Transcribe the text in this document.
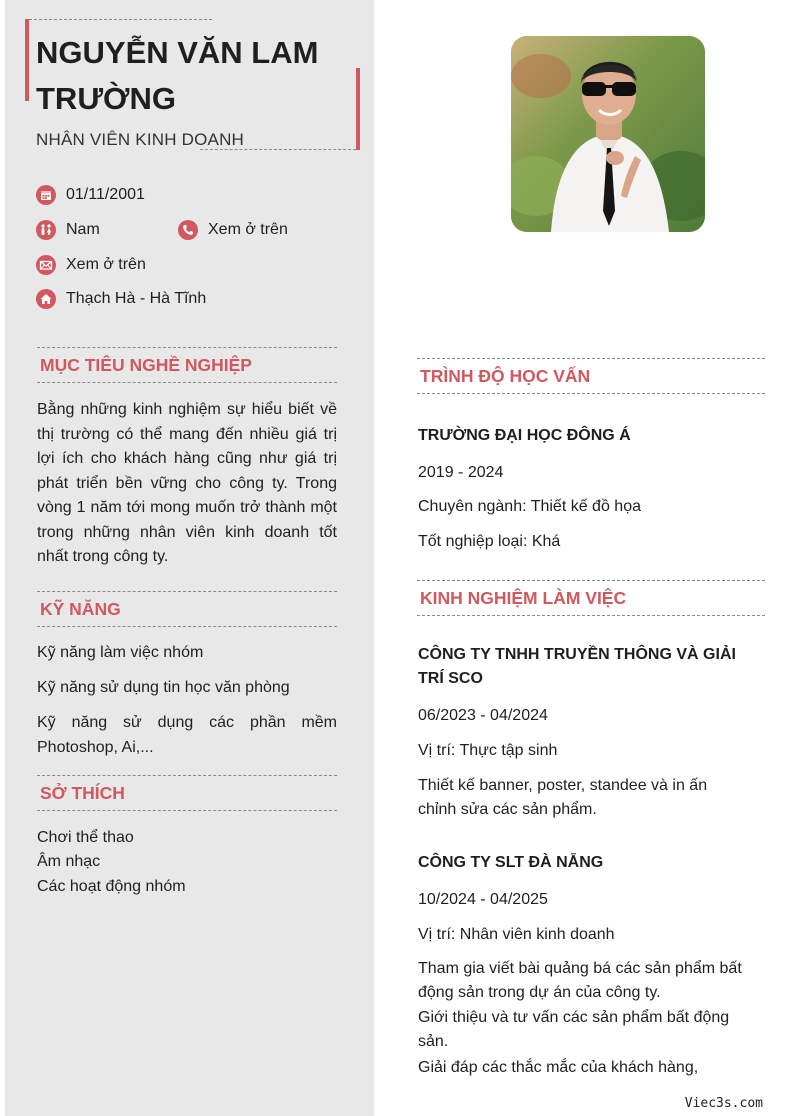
NGUYỄN VĂN LAM
TRƯỜNG
NHÂN VIÊN KINH DOANH
01/11/2001
Nam	Xem ở trên
Xem ở trên
Thạch Hà - Hà Tĩnh
MỤC TIÊU NGHỀ NGHIỆP
Bằng những kinh nghiệm sự hiểu biết về thị trường có thể mang đến nhiều giá trị lợi ích cho khách hàng cũng như giá trị phát triển bền vững cho công ty. Trong vòng 1 năm tới mong muốn trở thành một trong những nhân viên kinh doanh tốt nhất trong công ty.
KỸ NĂNG
Kỹ năng làm việc nhóm
Kỹ năng sử dụng tin học văn phòng
Kỹ năng sử dụng các phần mềm Photoshop, Ai,...
SỞ THÍCH
Chơi thể thao
Âm nhạc
Các hoạt động nhóm
TRÌNH ĐỘ HỌC VẤN
TRƯỜNG ĐẠI HỌC ĐÔNG Á
2019 - 2024
Chuyên ngành: Thiết kế đồ họa
Tốt nghiệp loại: Khá
KINH NGHIỆM LÀM VIỆC
CÔNG TY TNHH TRUYỀN THÔNG VÀ GIẢI TRÍ SCO
06/2023 - 04/2024
Vị trí: Thực tập sinh
Thiết kế banner, poster, standee và in ấn chỉnh sửa các sản phẩm.
CÔNG TY SLT ĐÀ NẴNG
10/2024 - 04/2025
Vị trí: Nhân viên kinh doanh
Tham gia viết bài quảng bá các sản phẩm bất động sản trong dự án của công ty.
Giới thiệu và tư vấn các sản phẩm bất động sản.
Giải đáp các thắc mắc của khách hàng,
Viec3s.com
